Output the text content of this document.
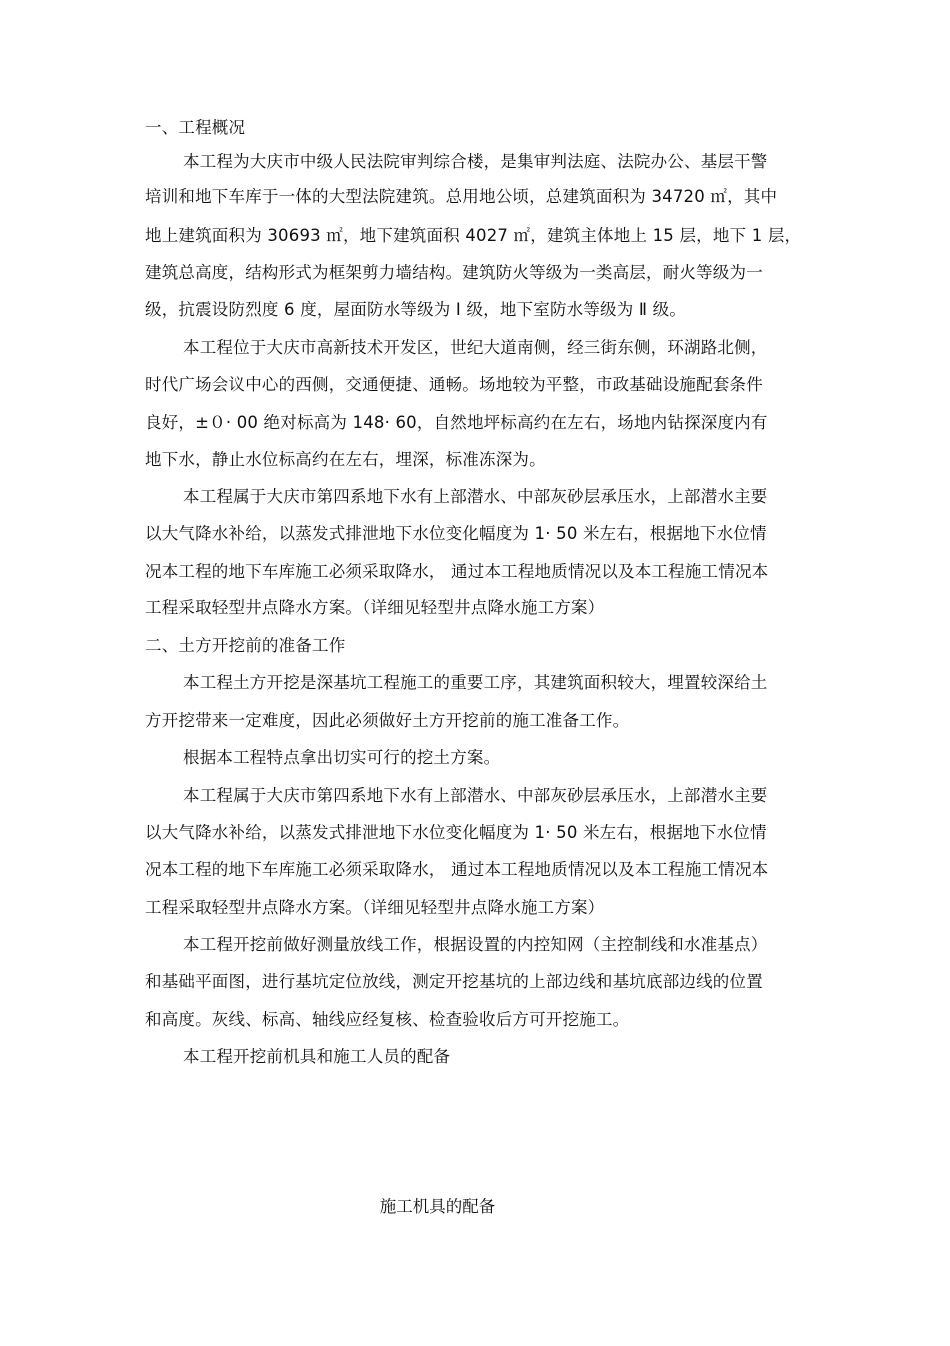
一、工程概况
本工程为大庆市中级人民法院审判综合楼，是集审判法庭、法院办公、基层干警
培训和地下车库于一体的大型法院建筑。总用地公顷，总建筑面积为 34720 ㎡，其中
地上建筑面积为 30693 ㎡，地下建筑面积 4027 ㎡，建筑主体地上 15 层，地下 1 层，
建筑总高度，结构形式为框架剪力墙结构。建筑防火等级为一类高层，耐火等级为一
级，抗震设防烈度 6 度，屋面防水等级为 Ⅰ 级，地下室防水等级为 Ⅱ 级。
本工程位于大庆市高新技术开发区，世纪大道南侧，经三街东侧，环湖路北侧，
时代广场会议中心的西侧，交通便捷、通畅。场地较为平整，市政基础设施配套条件
良好，±０· 00 绝对标高为 148· 60，自然地坪标高约在左右，场地内钻探深度内有
地下水，静止水位标高约在左右，埋深，标准冻深为。
本工程属于大庆市第四系地下水有上部潜水、中部灰砂层承压水，上部潜水主要
以大气降水补给，以蒸发式排泄地下水位变化幅度为 1· 50 米左右，根据地下水位情
况本工程的地下车库施工必须采取降水， 通过本工程地质情况以及本工程施工情况本
工程采取轻型井点降水方案。（详细见轻型井点降水施工方案）
二、土方开挖前的准备工作
本工程土方开挖是深基坑工程施工的重要工序，其建筑面积较大，埋置较深给土
方开挖带来一定难度，因此必须做好土方开挖前的施工准备工作。
根据本工程特点拿出切实可行的挖土方案。
本工程属于大庆市第四系地下水有上部潜水、中部灰砂层承压水，上部潜水主要
以大气降水补给，以蒸发式排泄地下水位变化幅度为 1· 50 米左右，根据地下水位情
况本工程的地下车库施工必须采取降水， 通过本工程地质情况以及本工程施工情况本
工程采取轻型井点降水方案。（详细见轻型井点降水施工方案）
本工程开挖前做好测量放线工作，根据设置的内控知网（主控制线和水准基点）
和基础平面图，进行基坑定位放线，测定开挖基坑的上部边线和基坑底部边线的位置
和高度。灰线、标高、轴线应经复核、检查验收后方可开挖施工。
本工程开挖前机具和施工人员的配备
施工机具的配备
